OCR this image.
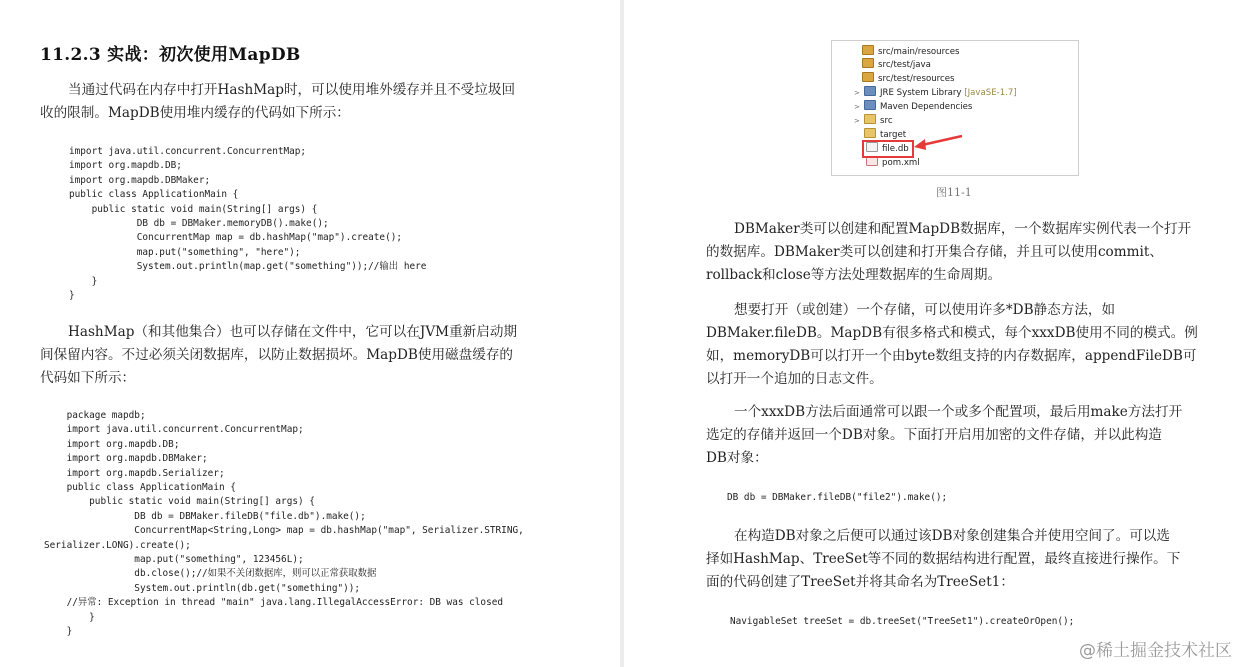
11.2.3 实战：初次使用MapDB
当通过代码在内存中打开HashMap时，可以使用堆外缓存并且不受垃圾回
收的限制。MapDB使用堆内缓存的代码如下所示：
import java.util.concurrent.ConcurrentMap;
import org.mapdb.DB;
import org.mapdb.DBMaker;
public class ApplicationMain {
public static void main(String[] args) {
DB db = DBMaker.memoryDB().make();
ConcurrentMap map = db.hashMap("map").create();
map.put("something", "here");
System.out.println(map.get("something"));//输出 here
}
}
HashMap（和其他集合）也可以存储在文件中，它可以在JVM重新启动期
间保留内容。不过必须关闭数据库，以防止数据损坏。MapDB使用磁盘缓存的
代码如下所示：
package mapdb;
import java.util.concurrent.ConcurrentMap;
import org.mapdb.DB;
import org.mapdb.DBMaker;
import org.mapdb.Serializer;
public class ApplicationMain {
public static void main(String[] args) {
DB db = DBMaker.fileDB("file.db").make();
ConcurrentMap<String,Long> map = db.hashMap("map", Serializer.STRING,
Serializer.LONG).create();
map.put("something", 123456L);
db.close();//如果不关闭数据库，则可以正常获取数据
System.out.println(db.get("something"));
//异常: Exception in thread "main" java.lang.IllegalAccessError: DB was closed
}
}
src/main/resources
src/test/java
src/test/resources
> JRE System Library [JavaSE-1.7]
> Maven Dependencies
> src
target
file.db
pom.xml
图11-1
DBMaker类可以创建和配置MapDB数据库，一个数据库实例代表一个打开
的数据库。DBMaker类可以创建和打开集合存储，并且可以使用commit、
rollback和close等方法处理数据库的生命周期。
想要打开（或创建）一个存储，可以使用许多*DB静态方法，如
DBMaker.fileDB。MapDB有很多格式和模式，每个xxxDB使用不同的模式。例
如，memoryDB可以打开一个由byte数组支持的内存数据库，appendFileDB可
以打开一个追加的日志文件。
一个xxxDB方法后面通常可以跟一个或多个配置项，最后用make方法打开
选定的存储并返回一个DB对象。下面打开启用加密的文件存储，并以此构造
DB对象：
DB db = DBMaker.fileDB("file2").make();
在构造DB对象之后便可以通过该DB对象创建集合并使用空间了。可以选
择如HashMap、TreeSet等不同的数据结构进行配置，最终直接进行操作。下
面的代码创建了TreeSet并将其命名为TreeSet1：
NavigableSet treeSet = db.treeSet("TreeSet1").createOrOpen();
@稀土掘金技术社区
